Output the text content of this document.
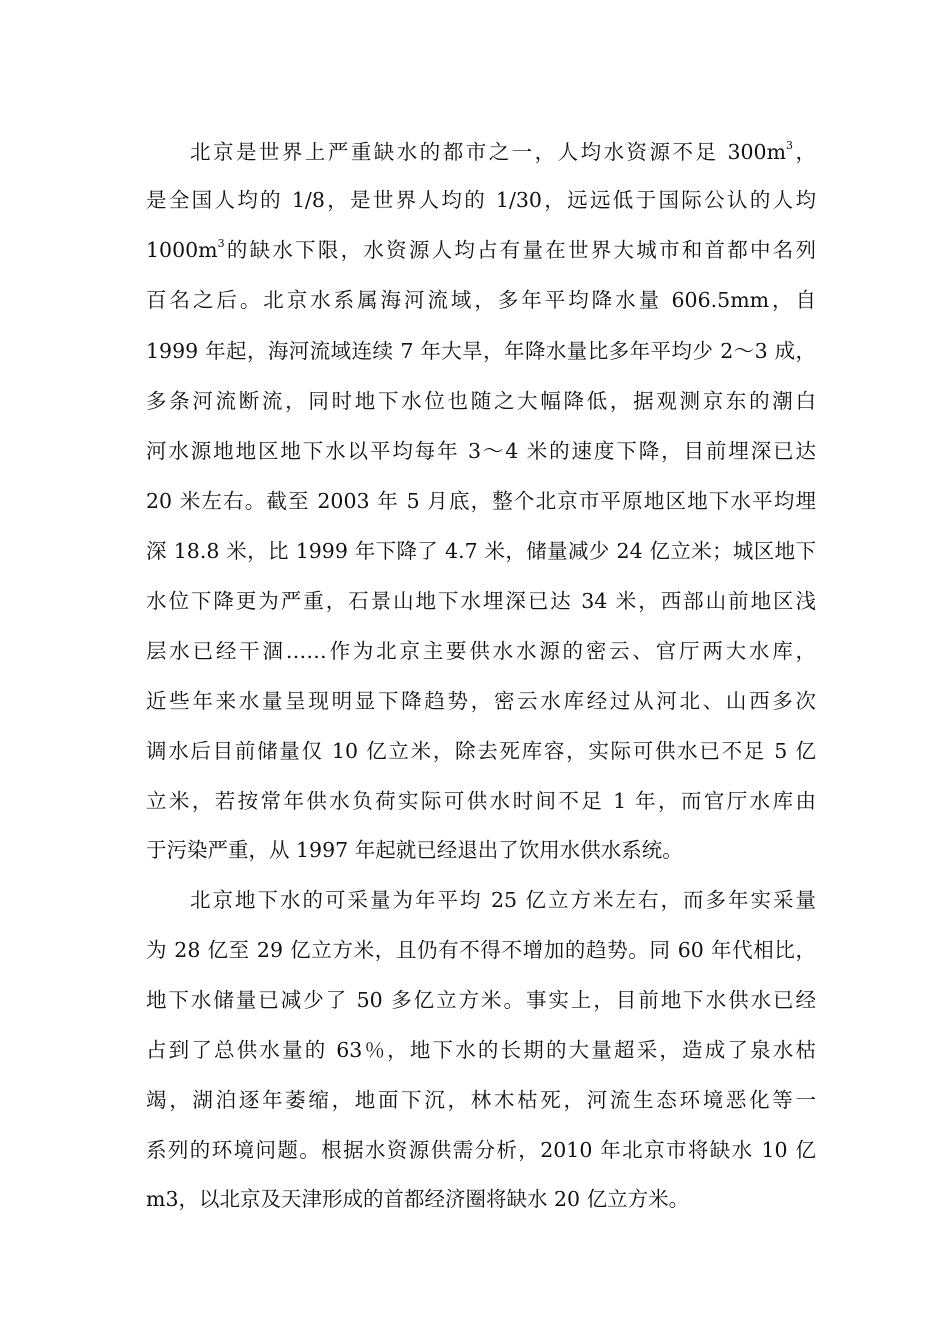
北京是世界上严重缺水的都市之一，人均水资源不足 $300m^3$，
是全国人均的 1/8，是世界人均的 1/30，远远低于国际公认的人均
$1000m^3$的缺水下限，水资源人均占有量在世界大城市和首都中名列
百名之后。北京水系属海河流域，多年平均降水量 606.5mm，自
1999 年起，海河流域连续 7 年大旱，年降水量比多年平均少 2～3 成，
多条河流断流，同时地下水位也随之大幅降低，据观测京东的潮白
河水源地地区地下水以平均每年 3～4 米的速度下降，目前埋深已达
20 米左右。截至 2003 年 5 月底，整个北京市平原地区地下水平均埋
深 18.8 米，比 1999 年下降了 4.7 米，储量减少 24 亿立米；城区地下
水位下降更为严重，石景山地下水埋深已达 34 米，西部山前地区浅
层水已经干涸……作为北京主要供水水源的密云、官厅两大水库，
近些年来水量呈现明显下降趋势，密云水库经过从河北、山西多次
调水后目前储量仅 10 亿立米，除去死库容，实际可供水已不足 5 亿
立米，若按常年供水负荷实际可供水时间不足 1 年，而官厅水库由
于污染严重，从 1997 年起就已经退出了饮用水供水系统。
北京地下水的可采量为年平均 25 亿立方米左右，而多年实采量
为 28 亿至 29 亿立方米，且仍有不得不增加的趋势。同 60 年代相比，
地下水储量已减少了 50 多亿立方米。事实上，目前地下水供水已经
占到了总供水量的 63％，地下水的长期的大量超采，造成了泉水枯
竭，湖泊逐年萎缩，地面下沉，林木枯死，河流生态环境恶化等一
系列的环境问题。根据水资源供需分析，2010 年北京市将缺水 10 亿
m3，以北京及天津形成的首都经济圈将缺水 20 亿立方米。
